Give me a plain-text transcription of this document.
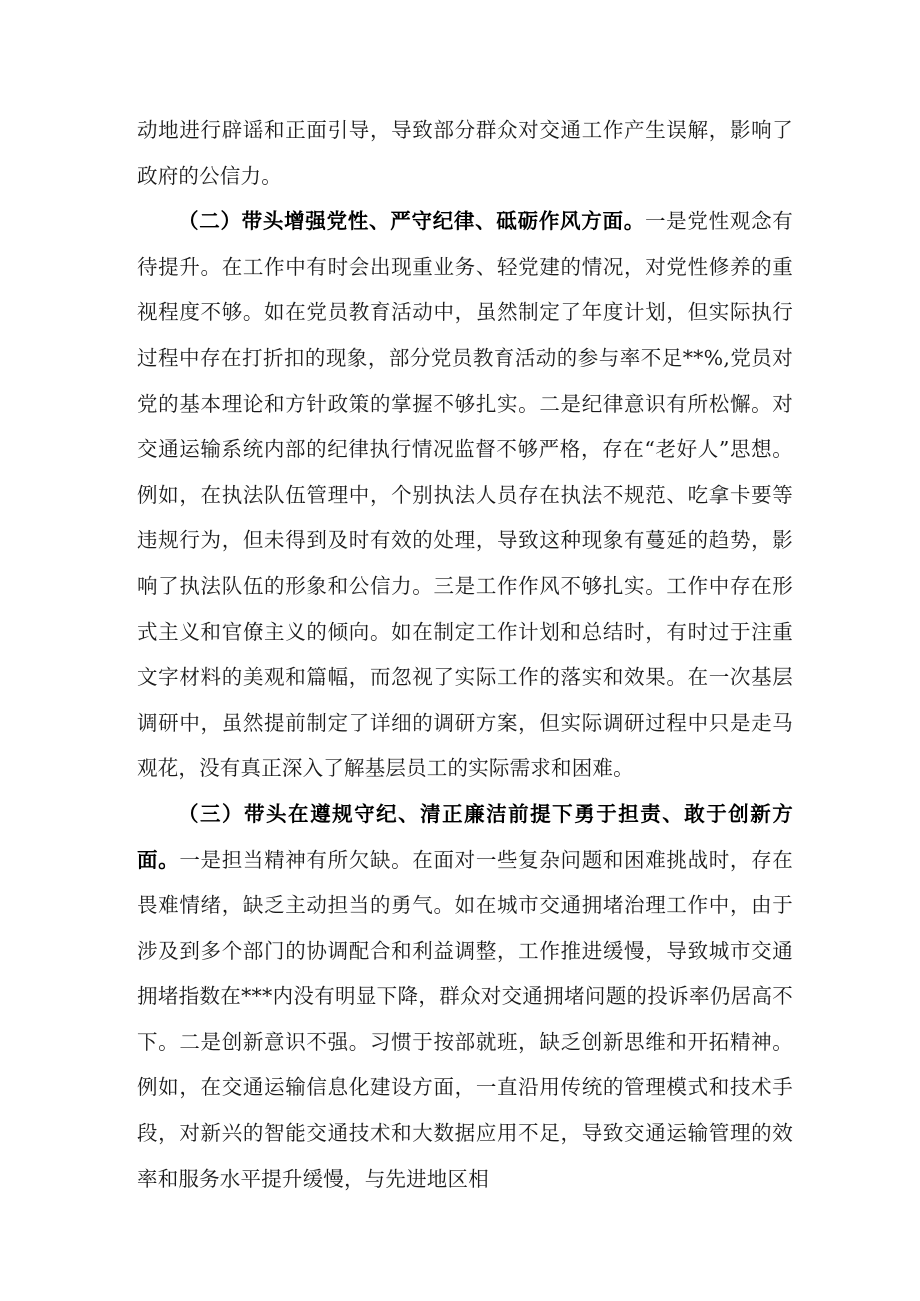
动地进行辟谣和正面引导，导致部分群众对交通工作产生误解，影响了政府的公信力。

（二）带头增强党性、严守纪律、砥砺作风方面。一是党性观念有待提升。在工作中有时会出现重业务、轻党建的情况，对党性修养的重视程度不够。如在党员教育活动中，虽然制定了年度计划，但实际执行过程中存在打折扣的现象，部分党员教育活动的参与率不足**%,党员对党的基本理论和方针政策的掌握不够扎实。二是纪律意识有所松懈。对交通运输系统内部的纪律执行情况监督不够严格，存在“老好人”思想。例如，在执法队伍管理中，个别执法人员存在执法不规范、吃拿卡要等违规行为，但未得到及时有效的处理，导致这种现象有蔓延的趋势，影响了执法队伍的形象和公信力。三是工作作风不够扎实。工作中存在形式主义和官僚主义的倾向。如在制定工作计划和总结时，有时过于注重文字材料的美观和篇幅，而忽视了实际工作的落实和效果。在一次基层调研中，虽然提前制定了详细的调研方案，但实际调研过程中只是走马观花，没有真正深入了解基层员工的实际需求和困难。

（三）带头在遵规守纪、清正廉洁前提下勇于担责、敢于创新方面。一是担当精神有所欠缺。在面对一些复杂问题和困难挑战时，存在畏难情绪，缺乏主动担当的勇气。如在城市交通拥堵治理工作中，由于涉及到多个部门的协调配合和利益调整，工作推进缓慢，导致城市交通拥堵指数在***内没有明显下降，群众对交通拥堵问题的投诉率仍居高不下。二是创新意识不强。习惯于按部就班，缺乏创新思维和开拓精神。例如，在交通运输信息化建设方面，一直沿用传统的管理模式和技术手段，对新兴的智能交通技术和大数据应用不足，导致交通运输管理的效率和服务水平提升缓慢，与先进地区相
